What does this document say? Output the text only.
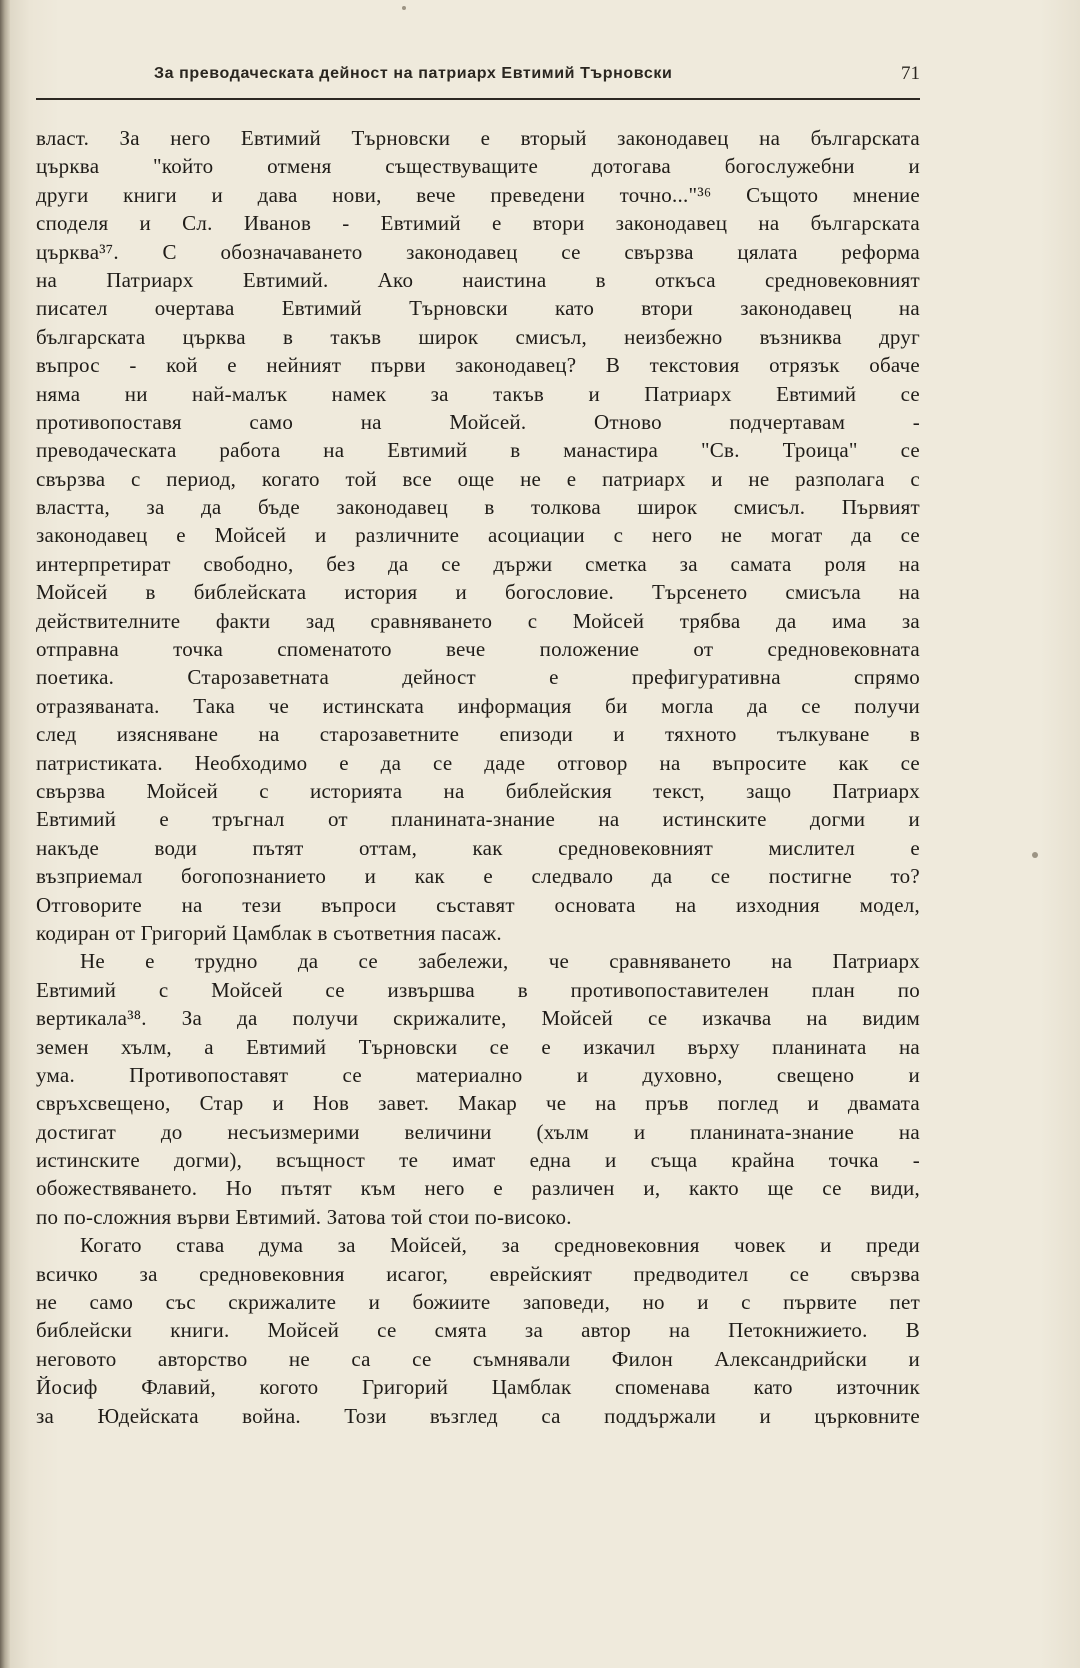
За преводаческата дейност на патриарх Евтимий Търновски	71
власт. За него Евтимий Търновски е вторый законодавец на българската
църква "който отменя съществуващите дотогава богослужебни и
други книги и дава нови, вече преведени точно..."³⁶ Същото мнение
споделя и Сл. Иванов - Евтимий е втори законодавец на българската
църква³⁷. С обозначаването законодавец се свързва цялата реформа
на Патриарх Евтимий. Ако наистина в откъса средновековният
писател очертава Евтимий Търновски като втори законодавец на
българската църква в такъв широк смисъл, неизбежно възниква друг
въпрос - кой е нейният първи законодавец? В текстовия отрязък обаче
няма ни най-малък намек за такъв и Патриарх Евтимий се
противопоставя само на Мойсей. Отново подчертавам -
преводаческата работа на Евтимий в манастира "Св. Троица" се
свързва с период, когато той все още не е патриарх и не разполага с
властта, за да бъде законодавец в толкова широк смисъл. Първият
законодавец е Мойсей и различните асоциации с него не могат да се
интерпретират свободно, без да се държи сметка за самата роля на
Мойсей в библейската история и богословие. Търсенето смисъла на
действителните факти зад сравняването с Мойсей трябва да има за
отправна точка споменатото вече положение от средновековната
поетика. Старозаветната дейност е префигуративна спрямо
отразяваната. Така че истинската информация би могла да се получи
след изясняване на старозаветните епизоди и тяхното тълкуване в
патристиката. Необходимо е да се даде отговор на въпросите как се
свързва Мойсей с историята на библейския текст, защо Патриарх
Евтимий е тръгнал от планината-знание на истинските догми и
накъде води пътят оттам, как средновековният мислител е
възприемал богопознанието и как е следвало да се постигне то?
Отговорите на тези въпроси съставят основата на изходния модел,
кодиран от Григорий Цамблак в съответния пасаж.
Не е трудно да се забележи, че сравняването на Патриарх
Евтимий с Мойсей се извършва в противопоставителен план по
вертикала³⁸. За да получи скрижалите, Мойсей се изкачва на видим
земен хълм, а Евтимий Търновски се е изкачил върху планината на
ума. Противопоставят се материално и духовно, свещено и
свръхсвещено, Стар и Нов завет. Макар че на пръв поглед и двамата
достигат до несъизмерими величини (хълм и планината-знание на
истинските догми), всъщност те имат една и съща крайна точка -
обожествяването. Но пътят към него е различен и, както ще се види,
по по-сложния върви Евтимий. Затова той стои по-високо.
Когато става дума за Мойсей, за средновековния човек и преди
всичко за средновековния исагог, еврейският предводител се свързва
не само със скрижалите и божиите заповеди, но и с първите пет
библейски книги. Мойсей се смята за автор на Петокнижието. В
неговото авторство не са се съмнявали Филон Александрийски и
Йосиф Флавий, когото Григорий Цамблак споменава като източник
за Юдейската война. Този възглед са поддържали и църковните
